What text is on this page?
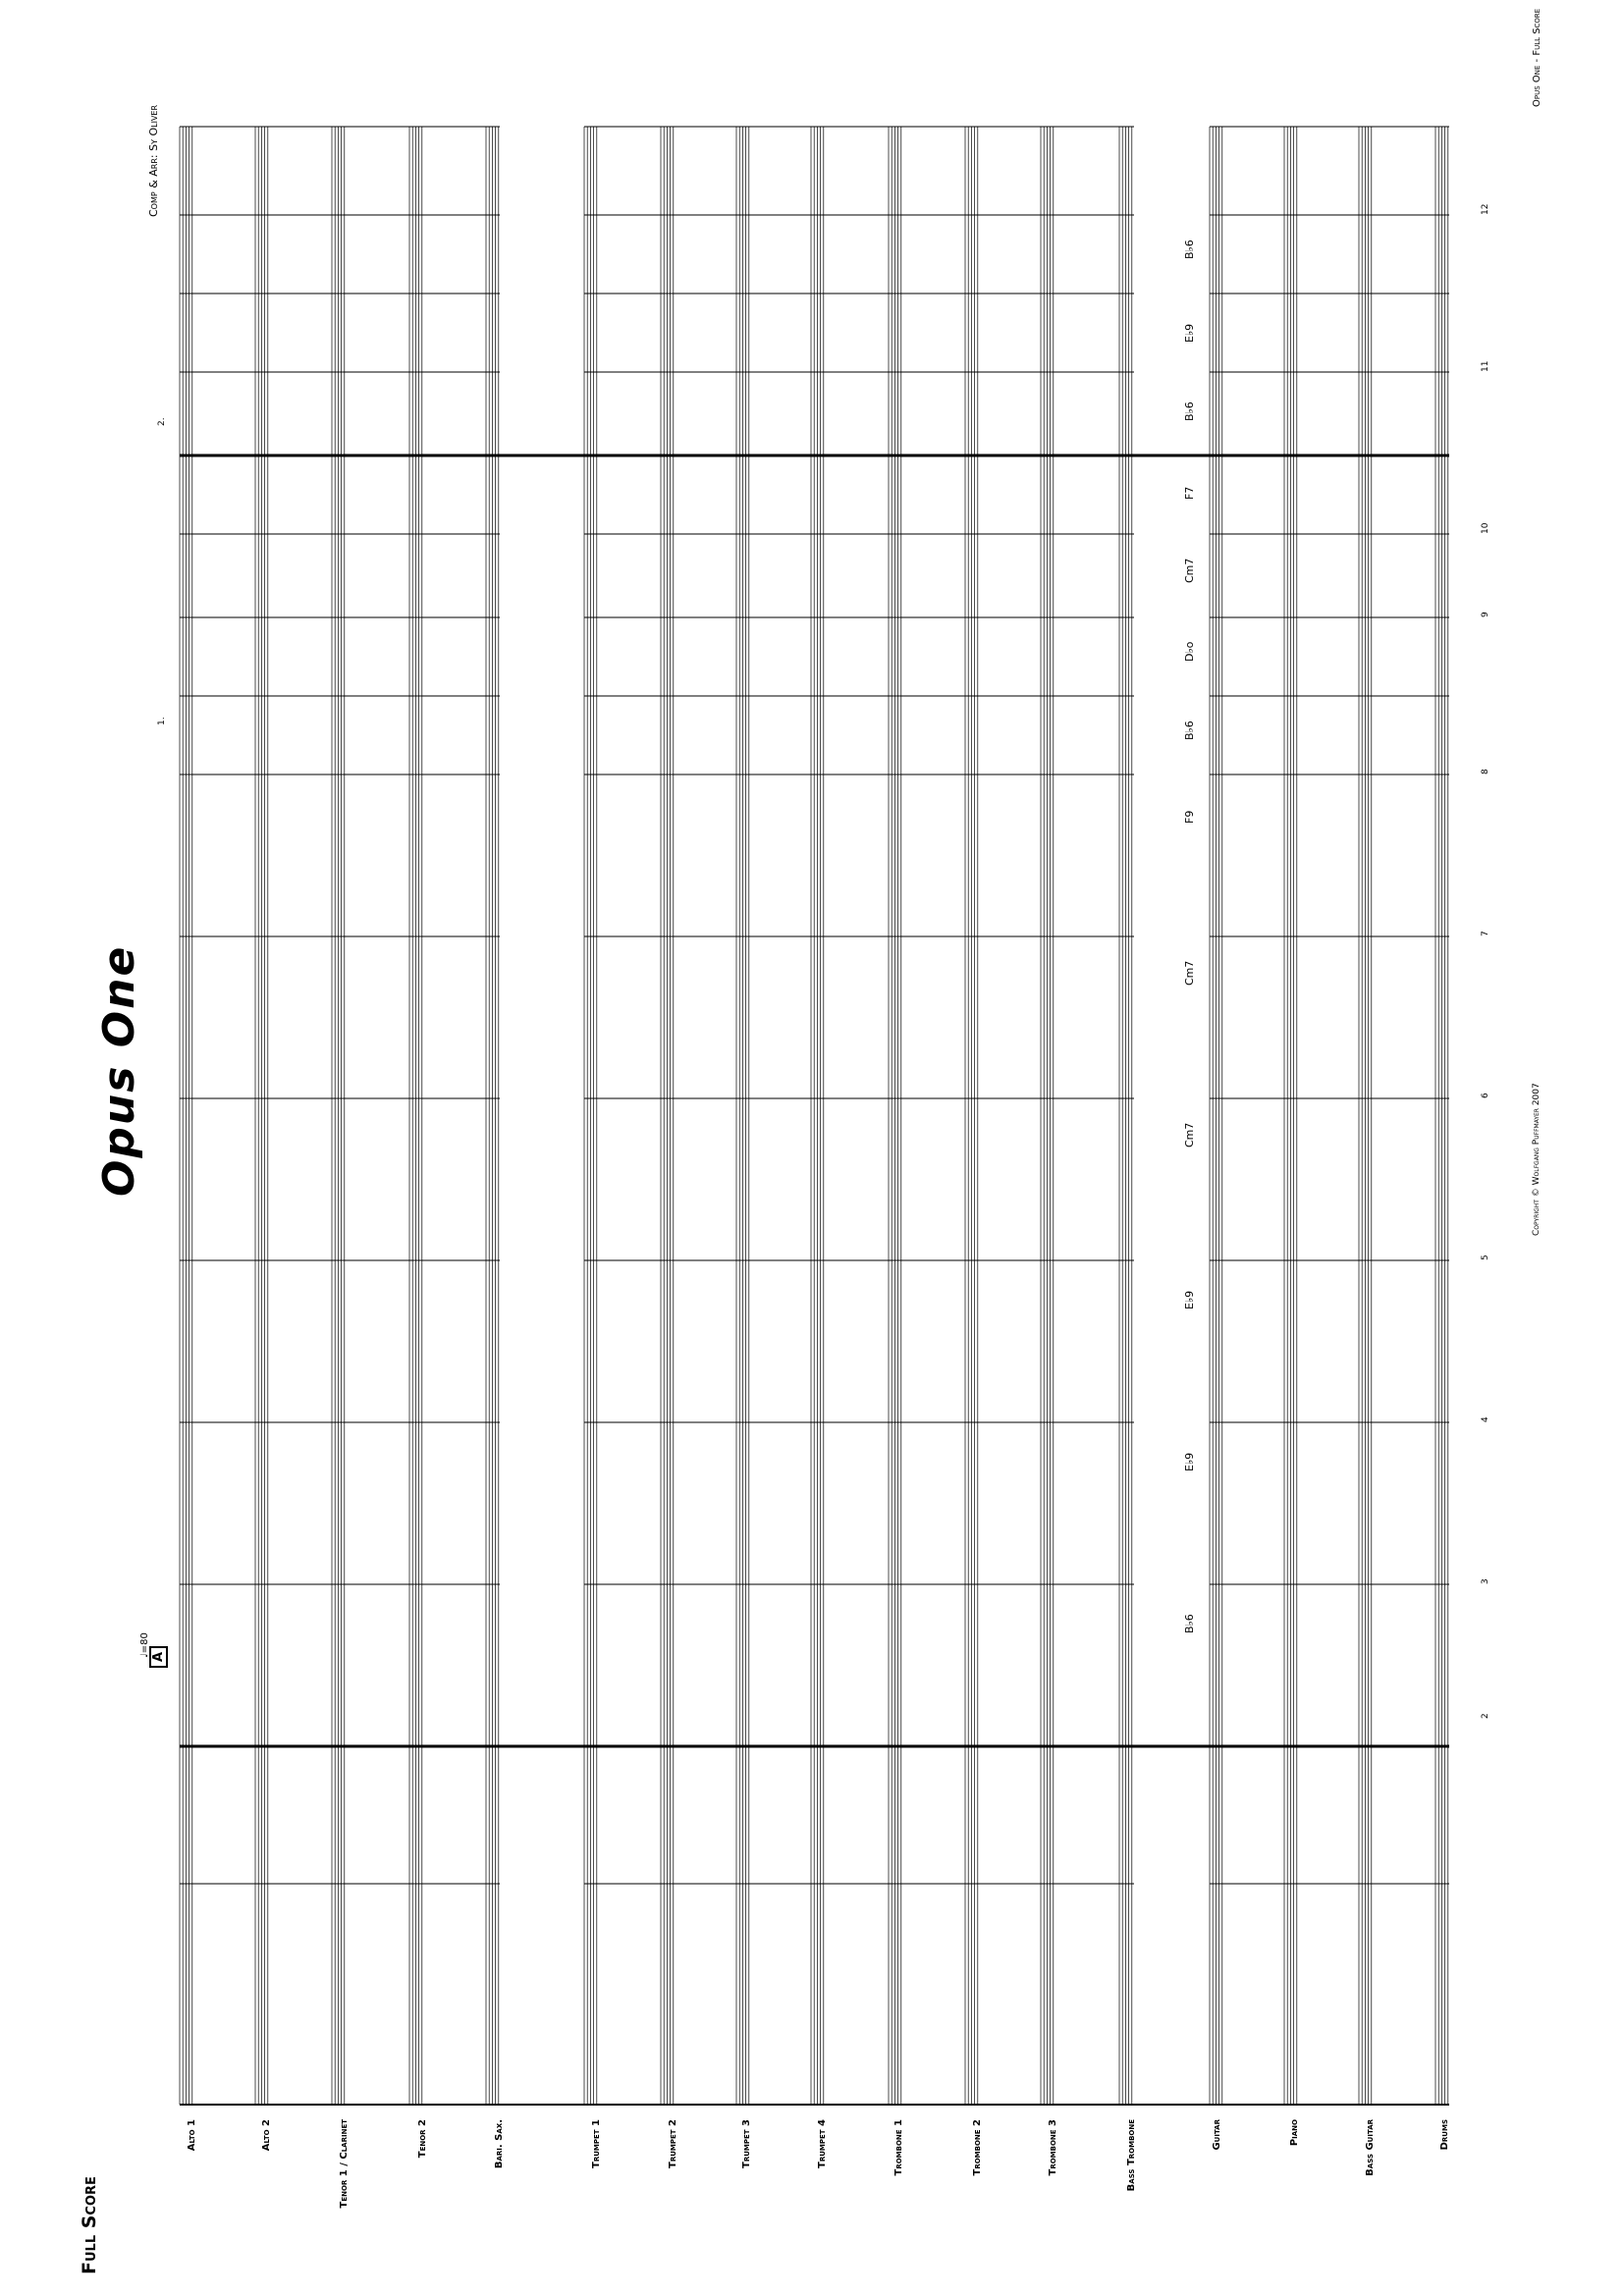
Full Score
Opus One
Comp & Arr: Sy Oliver
♩=80
Copyright © Wolfgang Puffmayer 2007
Opus One - Full Score
Alto 1	Alto 2	Tenor 1 / Clarinet	Tenor 2	Bari. Sax.	Trumpet 1	Trumpet 2	Trumpet 3	Trumpet 4	Trombone 1	Trombone 2	Trombone 3	Bass Trombone	Guitar	Piano	Bass Guitar	Drums
A
1.
2.
B♭6
E♭9
E♭9
Cm7
Cm7
F9
B♭6
D♭o
Cm7
F7
B♭6
E♭9
B♭6
2
3
4
5
6
7
8
9
10
11
12
